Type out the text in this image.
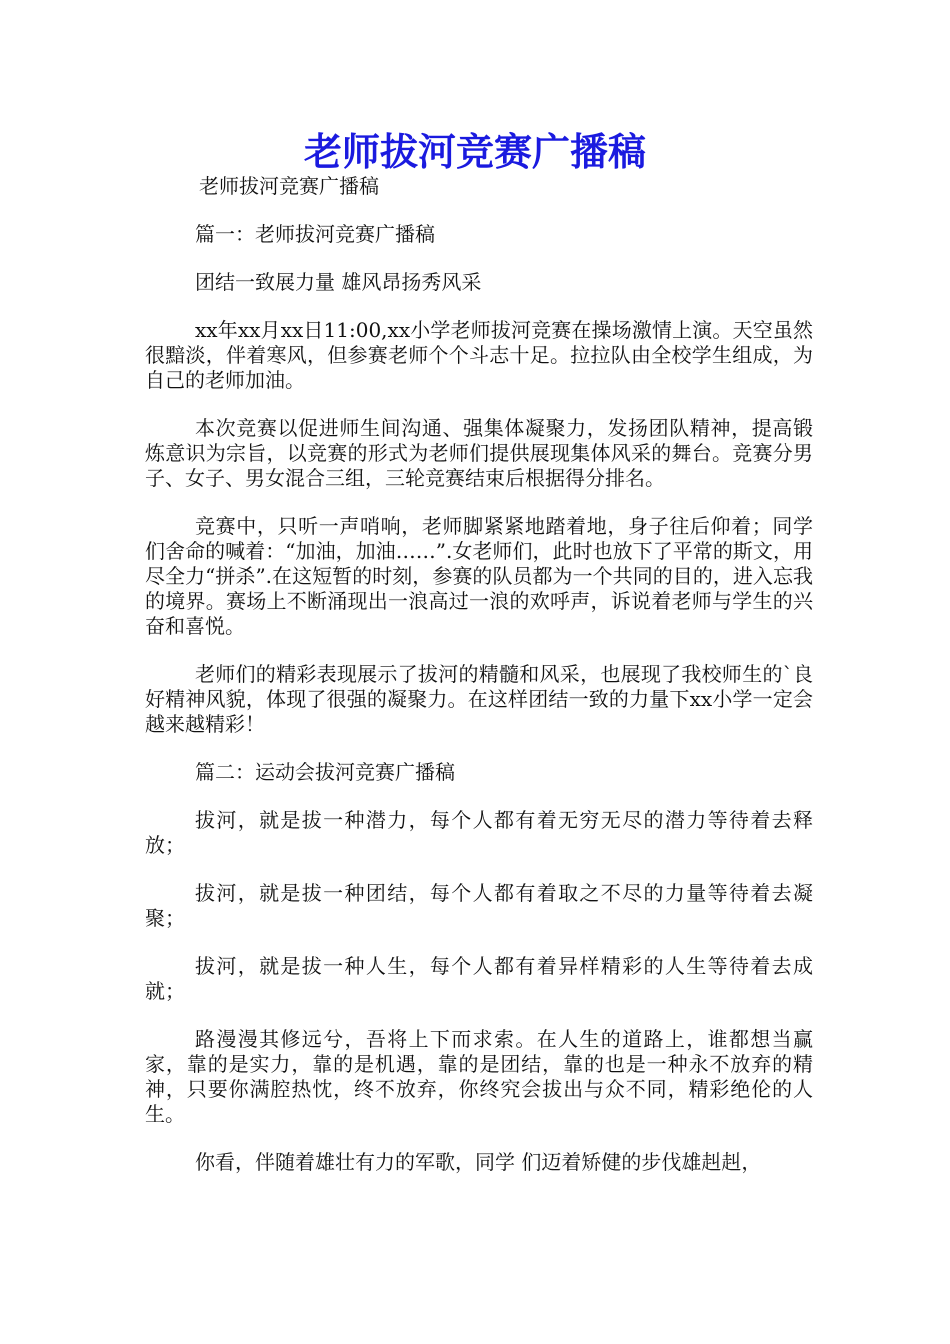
老师拔河竞赛广播稿

老师拔河竞赛广播稿

篇一：老师拔河竞赛广播稿

团结一致展力量 雄风昂扬秀风采

xx年xx月xx日11:00,xx小学老师拔河竞赛在操场激情上演。天空虽然很黯淡，伴着寒风，但参赛老师个个斗志十足。拉拉队由全校学生组成，为自己的老师加油。

本次竞赛以促进师生间沟通、强集体凝聚力，发扬团队精神，提高锻炼意识为宗旨，以竞赛的形式为老师们提供展现集体风采的舞台。竞赛分男子、女子、男女混合三组，三轮竞赛结束后根据得分排名。

竞赛中，只听一声哨响，老师脚紧紧地踏着地，身子往后仰着；同学们舍命的喊着：“加油，加油……”.女老师们，此时也放下了平常的斯文，用尽全力“拼杀”.在这短暂的时刻，参赛的队员都为一个共同的目的，进入忘我的境界。赛场上不断涌现出一浪高过一浪的欢呼声，诉说着老师与学生的兴奋和喜悦。

老师们的精彩表现展示了拔河的精髓和风采，也展现了我校师生的`良好精神风貌，体现了很强的凝聚力。在这样团结一致的力量下xx小学一定会越来越精彩！

篇二：运动会拔河竞赛广播稿

拔河，就是拔一种潜力，每个人都有着无穷无尽的潜力等待着去释放；

拔河，就是拔一种团结，每个人都有着取之不尽的力量等待着去凝聚；

拔河，就是拔一种人生，每个人都有着异样精彩的人生等待着去成就；

路漫漫其修远兮，吾将上下而求索。在人生的道路上，谁都想当赢家，靠的是实力，靠的是机遇，靠的是团结，靠的也是一种永不放弃的精神，只要你满腔热忱，终不放弃，你终究会拔出与众不同，精彩绝伦的人生。

你看，伴随着雄壮有力的军歌，同学 们迈着矫健的步伐雄赳赳，
